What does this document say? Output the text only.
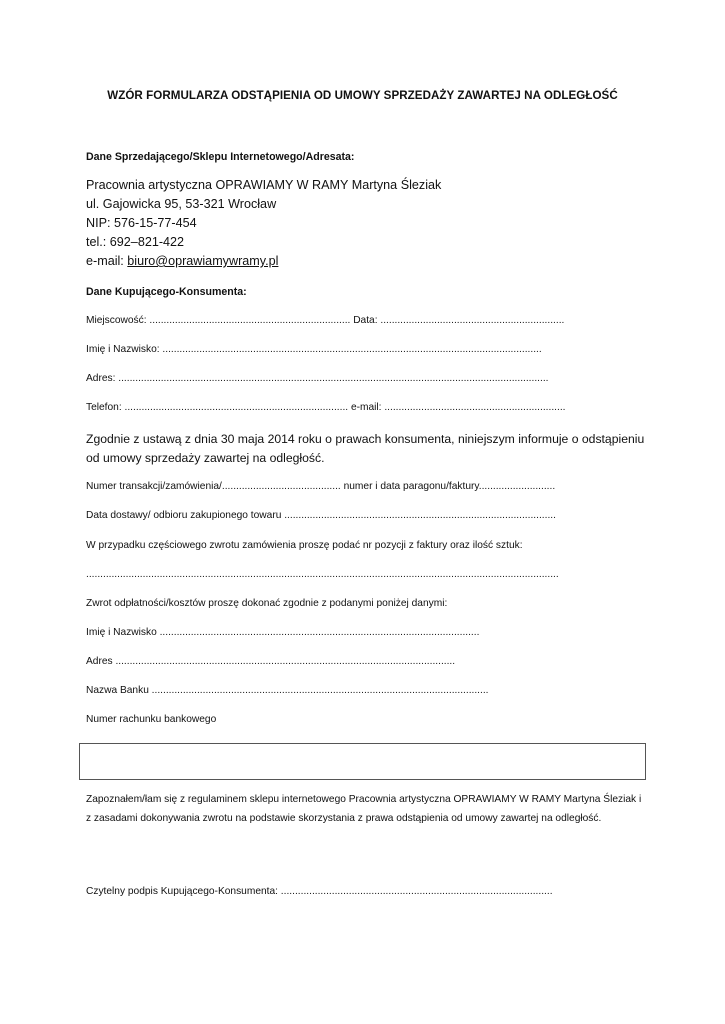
WZÓR FORMULARZA ODSTĄPIENIA OD UMOWY SPRZEDAŻY ZAWARTEJ NA ODLEGŁOŚĆ
Dane Sprzedającego/Sklepu Internetowego/Adresata:
Pracownia artystyczna OPRAWIAMY W RAMY Martyna Śleziak
ul. Gajowicka 95, 53-321 Wrocław
NIP: 576-15-77-454
tel.: 692–821-422
e-mail: biuro@oprawiamywramy.pl
Dane Kupującego-Konsumenta:
Miejscowość: ....................................................................... Data: .................................................................
Imię i Nazwisko: ......................................................................................................................................
Adres: ........................................................................................................................................................
Telefon: ............................................................................... e-mail: ................................................................
Zgodnie z ustawą z dnia 30 maja 2014 roku o prawach konsumenta, niniejszym informuje o odstąpieniu od umowy sprzedaży zawartej na odległość.
Numer transakcji/zamówienia/.......................................... numer i data paragonu/faktury...........................
Data dostawy/ odbioru zakupionego towaru ................................................................................................
W przypadku częściowego zwrotu zamówienia proszę podać nr pozycji z faktury oraz ilość sztuk:
.......................................................................................................................................................................
Zwrot odpłatności/kosztów proszę dokonać zgodnie z podanymi poniżej danymi:
Imię i Nazwisko .................................................................................................................
Adres ........................................................................................................................
Nazwa Banku .......................................................................................................................
Numer rachunku bankowego
Zapoznałem/łam się z regulaminem sklepu internetowego Pracownia artystyczna OPRAWIAMY W RAMY Martyna Śleziak i z zasadami dokonywania zwrotu na podstawie skorzystania z prawa odstąpienia od umowy zawartej na odległość.
Czytelny podpis Kupującego-Konsumenta: ................................................................................................
